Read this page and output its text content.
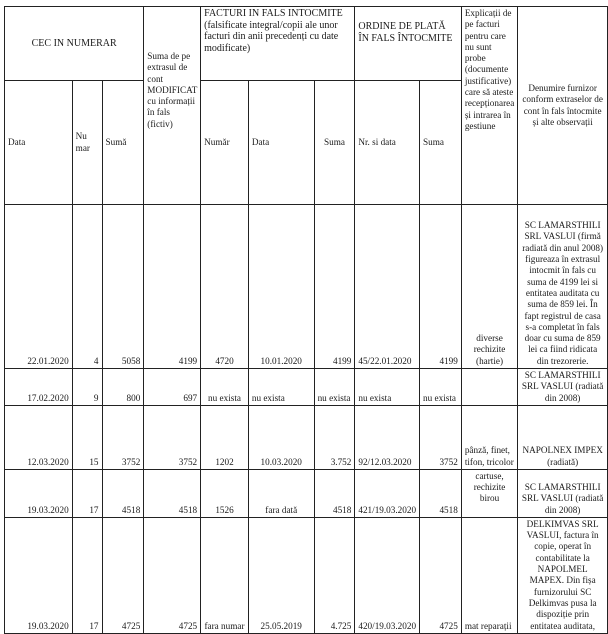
CEC IN NUMERAR			Suma de pe extrasul de cont MODIFICAT cu informații în fals (fictiv)	FACTURI IN FALS INTOCMITE (falsificate integral/copii ale unor facturi din anii precedenți cu date modificate)			ORDINE DE PLATĂ ÎN FALS ÎNTOCMITE		Explicații de pe facturi pentru care nu sunt probe (documente justificative) care să ateste recepționarea și intrarea în gestiune	Denumire furnizor conform extraselor de cont în fals întocmite și alte observații
Data	Nu mar	Sumă		Număr	Data	Suma	Nr. si data	Suma		
22.01.2020	4	5058	4199	4720	10.01.2020	4199	45/22.01.2020	4199	diverse rechizite (hartie)	SC LAMARSTHILI SRL VASLUI (firmă radiată din anul 2008) figureaza în extrasul intocmit în fals cu suma de 4199 lei si entitatea auditata cu suma de 859 lei. În fapt registrul de casa s-a completat în fals doar cu suma de 859 lei ca fiind ridicata din trezorerie.
17.02.2020	9	800	697	nu exista	nu exista	nu exista	nu exista	nu exista		SC LAMARSTHILI SRL VASLUI (radiată din 2008)
12.03.2020	15	3752	3752	1202	10.03.2020	3.752	92/12.03.2020	3752	pânză, finet, tifon, tricolor	NAPOLNEX IMPEX (radiată)
19.03.2020	17	4518	4518	1526	fara dată	4518	421/19.03.2020	4518	cartuse, rechizite birou	SC LAMARSTHILI SRL VASLUI (radiată din 2008)
19.03.2020	17	4725	4725	fara numar	25.05.2019	4.725	420/19.03.2020	4725	mat reparații	DELKIMVAS SRL VASLUI, factura în copie, operat în contabilitate la NAPOLMEL MAPEX. Din fișa furnizorului SC Delkimvas pusa la dispoziție prin entitatea auditata,
